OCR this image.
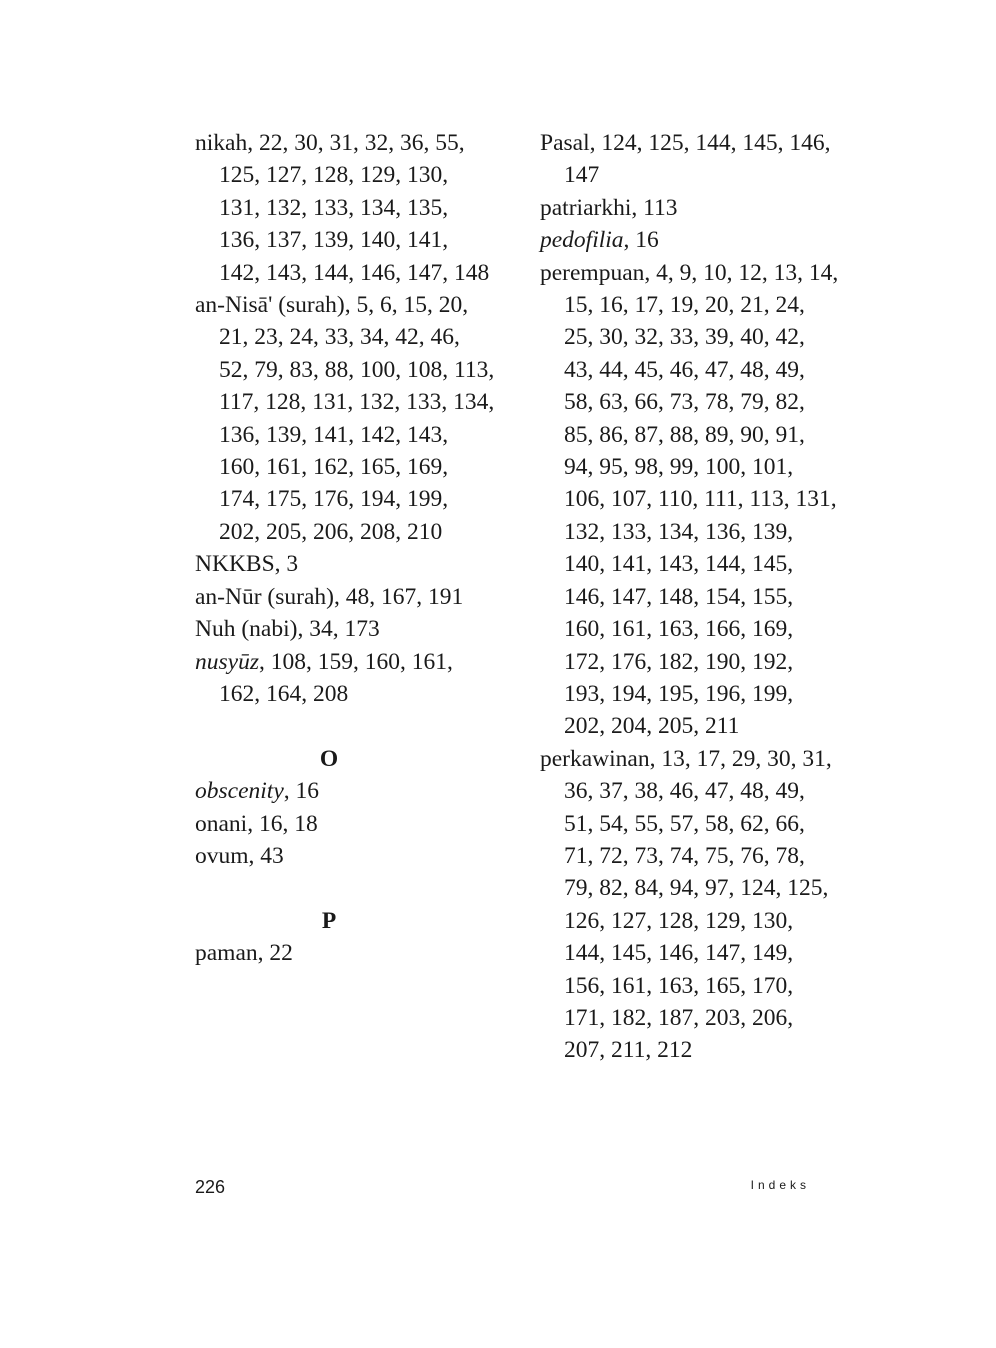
nikah, 22, 30, 31, 32, 36, 55, 125, 127, 128, 129, 130, 131, 132, 133, 134, 135, 136, 137, 139, 140, 141, 142, 143, 144, 146, 147, 148
an-Nisā' (surah), 5, 6, 15, 20, 21, 23, 24, 33, 34, 42, 46, 52, 79, 83, 88, 100, 108, 113, 117, 128, 131, 132, 133, 134, 136, 139, 141, 142, 143, 160, 161, 162, 165, 169, 174, 175, 176, 194, 199, 202, 205, 206, 208, 210
NKKBS, 3
an-Nūr (surah), 48, 167, 191
Nuh (nabi), 34, 173
nusyūz, 108, 159, 160, 161, 162, 164, 208
O
obscenity, 16
onani, 16, 18
ovum, 43
P
paman, 22
Pasal, 124, 125, 144, 145, 146, 147
patriarkhi, 113
pedofilia, 16
perempuan, 4, 9, 10, 12, 13, 14, 15, 16, 17, 19, 20, 21, 24, 25, 30, 32, 33, 39, 40, 42, 43, 44, 45, 46, 47, 48, 49, 58, 63, 66, 73, 78, 79, 82, 85, 86, 87, 88, 89, 90, 91, 94, 95, 98, 99, 100, 101, 106, 107, 110, 111, 113, 131, 132, 133, 134, 136, 139, 140, 141, 143, 144, 145, 146, 147, 148, 154, 155, 160, 161, 163, 166, 169, 172, 176, 182, 190, 192, 193, 194, 195, 196, 199, 202, 204, 205, 211
perkawinan, 13, 17, 29, 30, 31, 36, 37, 38, 46, 47, 48, 49, 51, 54, 55, 57, 58, 62, 66, 71, 72, 73, 74, 75, 76, 78, 79, 82, 84, 94, 97, 124, 125, 126, 127, 128, 129, 130, 144, 145, 146, 147, 149, 156, 161, 163, 165, 170, 171, 182, 187, 203, 206, 207, 211, 212
226	Indeks
